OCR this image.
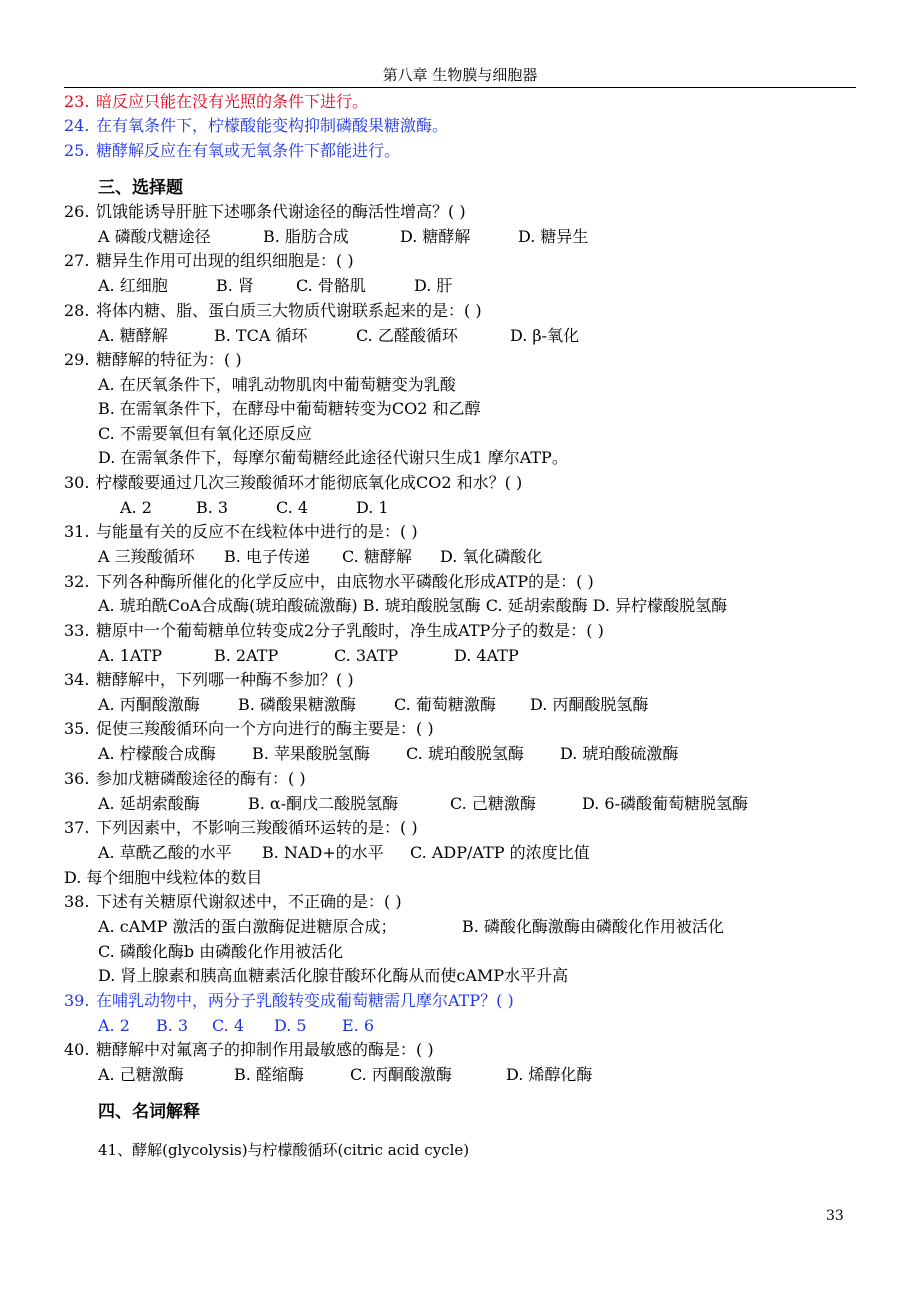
第八章 生物膜与细胞器
23. 暗反应只能在没有光照的条件下进行。
24. 在有氧条件下，柠檬酸能变构抑制磷酸果糖激酶。
25. 糖酵解反应在有氧或无氧条件下都能进行。
三、选择题
26. 饥饿能诱导肝脏下述哪条代谢途径的酶活性增高？( )
A 磷酸戊糖途径	B. 脂肪合成	D. 糖酵解	D. 糖异生
27. 糖异生作用可出现的组织细胞是：( )
A. 红细胞	B. 肾	C. 骨骼肌	D. 肝
28. 将体内糖、脂、蛋白质三大物质代谢联系起来的是：( )
A. 糖酵解	B. TCA 循环	C. 乙醛酸循环	D. β-氧化
29. 糖酵解的特征为：( )
A. 在厌氧条件下，哺乳动物肌肉中葡萄糖变为乳酸
B. 在需氧条件下，在酵母中葡萄糖转变为CO2 和乙醇
C. 不需要氧但有氧化还原反应
D. 在需氧条件下，每摩尔葡萄糖经此途径代谢只生成1 摩尔ATP。
30. 柠檬酸要通过几次三羧酸循环才能彻底氧化成CO2 和水？( )
A. 2	B. 3	C. 4	D. 1
31. 与能量有关的反应不在线粒体中进行的是：( )
A 三羧酸循环 B. 电子传递 C. 糖酵解 D. 氧化磷酸化
32. 下列各种酶所催化的化学反应中，由底物水平磷酸化形成ATP的是：( )
A. 琥珀酰CoA合成酶(琥珀酸硫激酶) B. 琥珀酸脱氢酶 C. 延胡索酸酶 D. 异柠檬酸脱氢酶
33. 糖原中一个葡萄糖单位转变成2分子乳酸时，净生成ATP分子的数是：( )
A. 1ATP	B. 2ATP	C. 3ATP	D. 4ATP
34. 糖酵解中，下列哪一种酶不参加？( )
A. 丙酮酸激酶 B. 磷酸果糖激酶 C. 葡萄糖激酶 D. 丙酮酸脱氢酶
35. 促使三羧酸循环向一个方向进行的酶主要是：( )
A. 柠檬酸合成酶 B. 苹果酸脱氢酶 C. 琥珀酸脱氢酶 D. 琥珀酸硫激酶
36. 参加戊糖磷酸途径的酶有：( )
A. 延胡索酸酶	B. α-酮戊二酸脱氢酶	C. 己糖激酶	D. 6-磷酸葡萄糖脱氢酶
37. 下列因素中，不影响三羧酸循环运转的是：( )
A. 草酰乙酸的水平 B. NAD+的水平 C. ADP/ATP 的浓度比值
D. 每个细胞中线粒体的数目
38. 下述有关糖原代谢叙述中，不正确的是：( )
A. cAMP 激活的蛋白激酶促进糖原合成；	B. 磷酸化酶激酶由磷酸化作用被活化
C. 磷酸化酶b 由磷酸化作用被活化
D. 肾上腺素和胰高血糖素活化腺苷酸环化酶从而使cAMP水平升高
39. 在哺乳动物中，两分子乳酸转变成葡萄糖需几摩尔ATP？( )
A. 2 B. 3 C. 4 D. 5 E. 6
40. 糖酵解中对氟离子的抑制作用最敏感的酶是：( )
A. 己糖激酶	B. 醛缩酶	C. 丙酮酸激酶	D. 烯醇化酶
四、名词解释
41、酵解(glycolysis)与柠檬酸循环(citric acid cycle)
33
